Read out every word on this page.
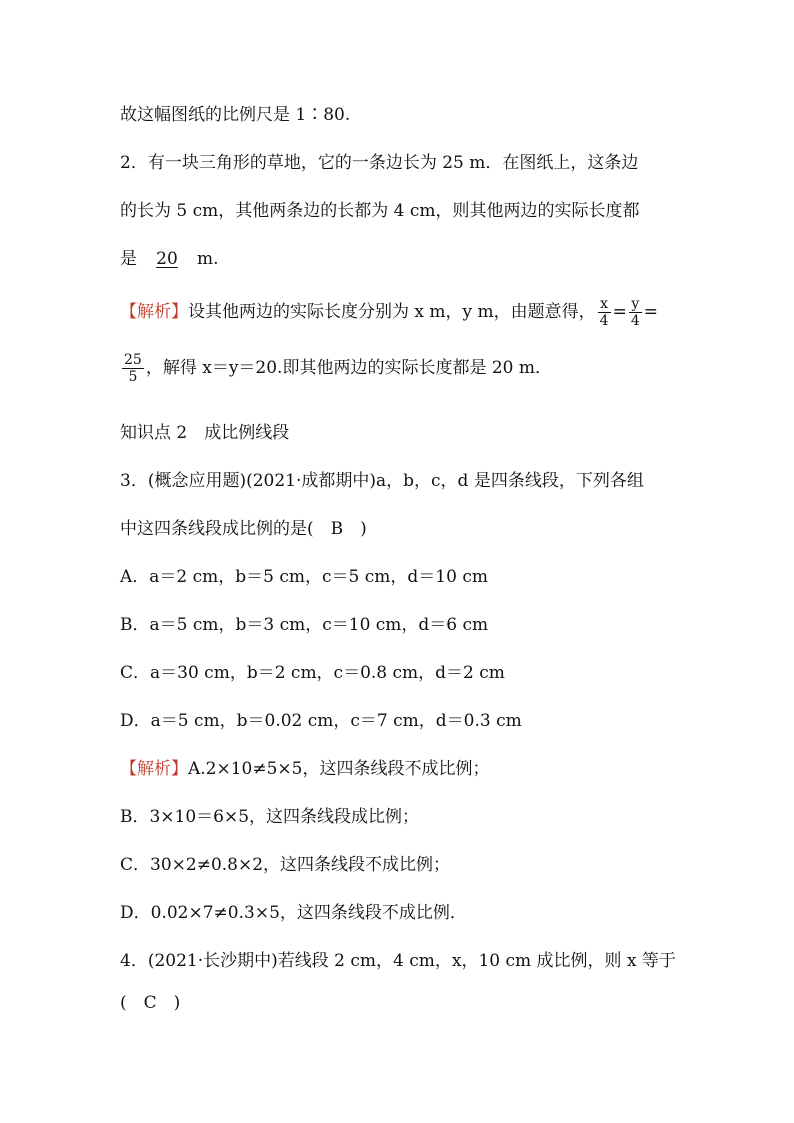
故这幅图纸的比例尺是 1∶80.
2．有一块三角形的草地，它的一条边长为 25 m．在图纸上，这条边
的长为 5 cm，其他两条边的长都为 4 cm，则其他两边的实际长度都
是 20 m.
【解析】设其他两边的实际长度分别为 x m，y m，由题意得， $\frac{x}{4} = \frac{y}{4}$ =
$\frac{25}{5}$ ，解得 x＝y＝20.即其他两边的实际长度都是 20 m．
知识点 2　成比例线段
3．(概念应用题)(2021·成都期中)a，b，c，d 是四条线段，下列各组
中这四条线段成比例的是(　B　)
A．a＝2 cm，b＝5 cm，c＝5 cm，d＝10 cm
B．a＝5 cm，b＝3 cm，c＝10 cm，d＝6 cm
C．a＝30 cm，b＝2 cm，c＝0.8 cm，d＝2 cm
D．a＝5 cm，b＝0.02 cm，c＝7 cm，d＝0.3 cm
【解析】A.2×10≠5×5，这四条线段不成比例；
B．3×10＝6×5，这四条线段成比例；
C．30×2≠0.8×2，这四条线段不成比例；
D．0.02×7≠0.3×5，这四条线段不成比例．
4．(2021·长沙期中)若线段 2 cm，4 cm，x，10 cm 成比例，则 x 等于
(　C　)
